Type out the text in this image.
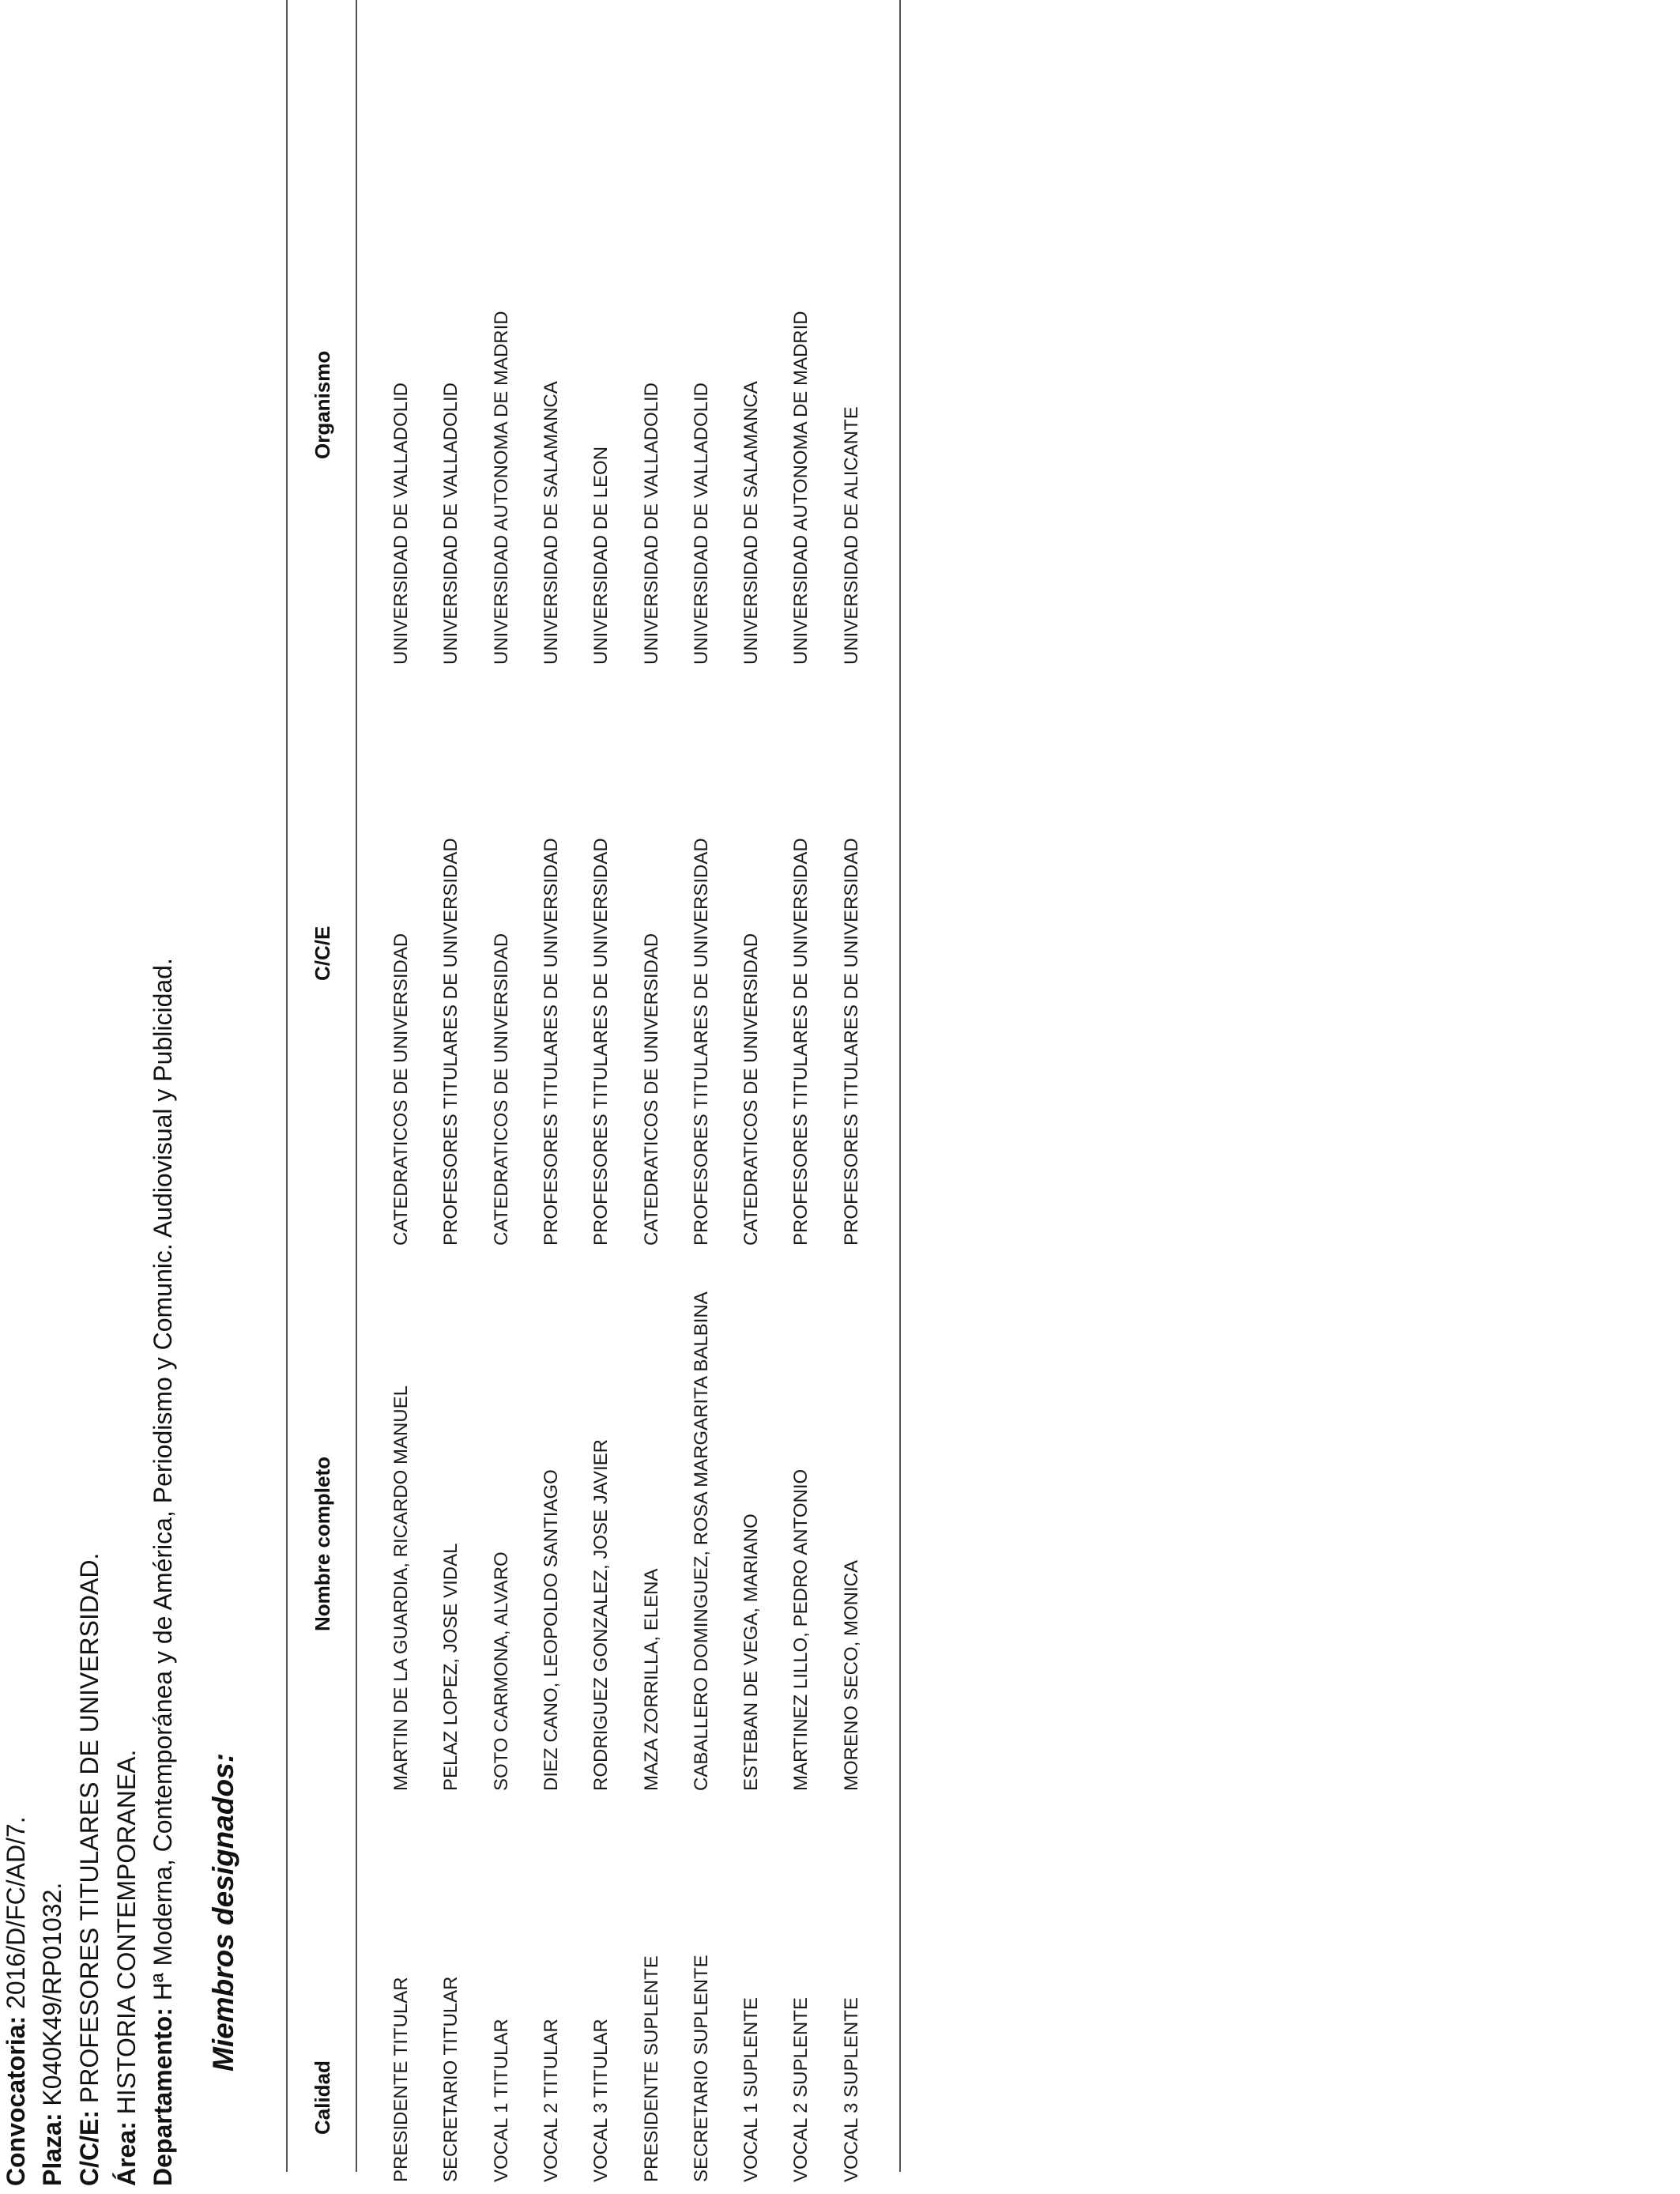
Convocatoria: 2016/D/FC/AD/7.
Plaza: K040K49/RP01032.
C/C/E: PROFESORES TITULARES DE UNIVERSIDAD.
Área: HISTORIA CONTEMPORANEA. Departamento: Hª Moderna, Contemporánea y de América, Periodismo y Comunic. Audiovisual y Publicidad. Miembros designados:
PRESIDENTE TITULAR
MARTIN DE LA GUARDIA, RICARDO MANUEL
CATEDRATICOS DE UNIVERSIDAD
UNIVERSIDAD DE VALLADOLID
SECRETARIO TITULAR
PELAZ LOPEZ, JOSE VIDAL
PROFESORES TITULARES DE UNIVERSIDAD
UNIVERSIDAD DE VALLADOLID
VOCAL 1 TITULAR
SOTO CARMONA, ALVARO
CATEDRATICOS DE UNIVERSIDAD
UNIVERSIDAD AUTONOMA DE MADRID
VOCAL 2 TITULAR
DIEZ CANO, LEOPOLDO SANTIAGO
PROFESORES TITULARES DE UNIVERSIDAD
UNIVERSIDAD DE SALAMANCA
VOCAL 3 TITULAR
RODRIGUEZ GONZALEZ, JOSE JAVIER
PROFESORES TITULARES DE UNIVERSIDAD
UNIVERSIDAD DE LEON
PRESIDENTE SUPLENTE
MAZA ZORRILLA, ELENA
CATEDRATICOS DE UNIVERSIDAD
UNIVERSIDAD DE VALLADOLID
SECRETARIO SUPLENTE
CABALLERO DOMINGUEZ, ROSA MARGARITA BALBINA
PROFESORES TITULARES DE UNIVERSIDAD
UNIVERSIDAD DE VALLADOLID
VOCAL 1 SUPLENTE
ESTEBAN DE VEGA, MARIANO
CATEDRATICOS DE UNIVERSIDAD
UNIVERSIDAD DE SALAMANCA
VOCAL 2 SUPLENTE
MARTINEZ LILLO, PEDRO ANTONIO
PROFESORES TITULARES DE UNIVERSIDAD
UNIVERSIDAD AUTONOMA DE MADRID
VOCAL 3 SUPLENTE
MORENO SECO, MONICA
PROFESORES TITULARES DE UNIVERSIDAD
UNIVERSIDAD DE ALICANTE
Calidad
Nombre completo
C/C/E
Organismo
